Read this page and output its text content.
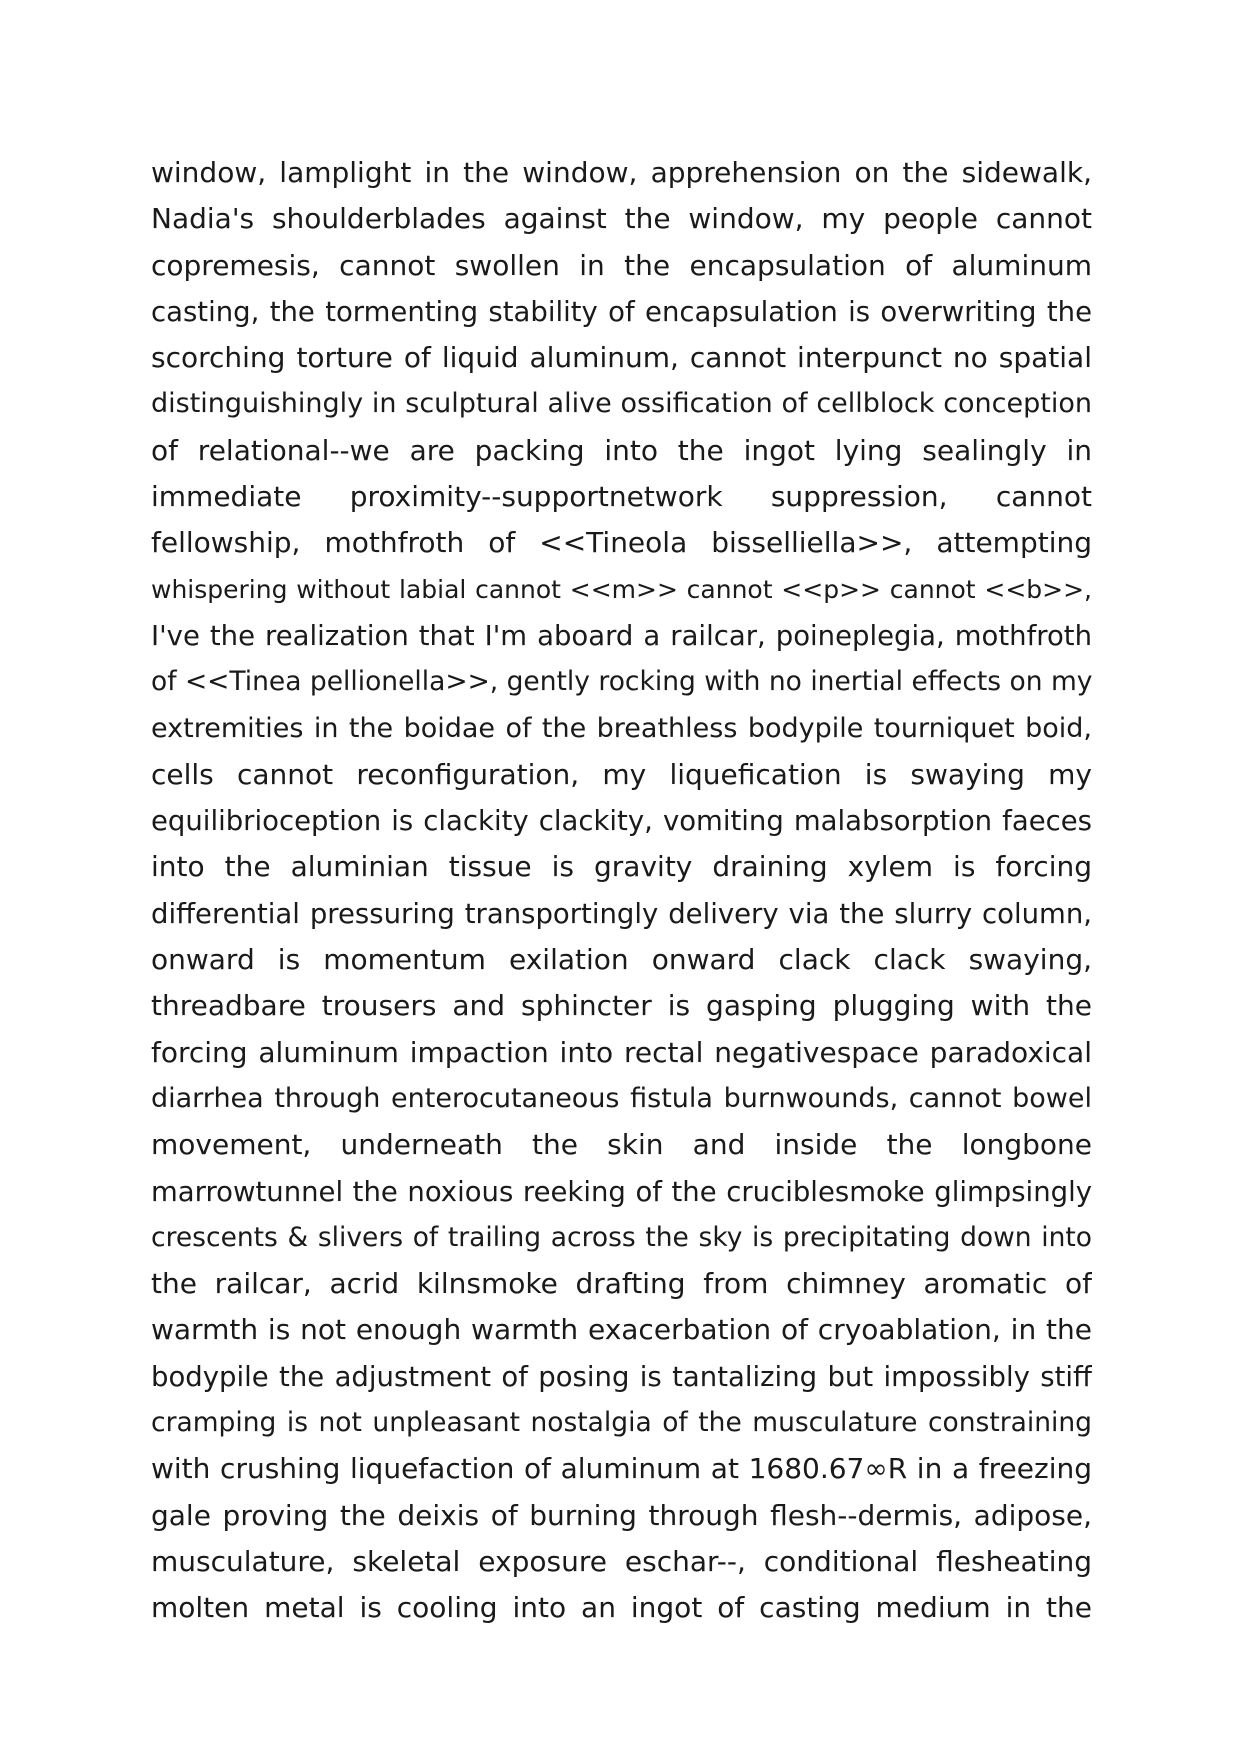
window, lamplight in the window, apprehension on the sidewalk,
Nadia's shoulderblades against the window, my people cannot
copremesis, cannot swollen in the encapsulation of aluminum
casting, the tormenting stability of encapsulation is overwriting the
scorching torture of liquid aluminum, cannot interpunct no spatial
distinguishingly in sculptural alive ossification of cellblock conception
of relational--we are packing into the ingot lying sealingly in
immediate proximity--supportnetwork suppression, cannot
fellowship, mothfroth of <<Tineola bisselliella>>, attempting
whispering without labial cannot <<m>> cannot <<p>> cannot <<b>>,
I've the realization that I'm aboard a railcar, poineplegia, mothfroth
of <<Tinea pellionella>>, gently rocking with no inertial effects on my
extremities in the boidae of the breathless bodypile tourniquet boid,
cells cannot reconfiguration, my liquefication is swaying my
equilibrioception is clackity clackity, vomiting malabsorption faeces
into the aluminian tissue is gravity draining xylem is forcing
differential pressuring transportingly delivery via the slurry column,
onward is momentum exilation onward clack clack swaying,
threadbare trousers and sphincter is gasping plugging with the
forcing aluminum impaction into rectal negativespace paradoxical
diarrhea through enterocutaneous fistula burnwounds, cannot bowel
movement, underneath the skin and inside the longbone
marrowtunnel the noxious reeking of the cruciblesmoke glimpsingly
crescents & slivers of trailing across the sky is precipitating down into
the railcar, acrid kilnsmoke drafting from chimney aromatic of
warmth is not enough warmth exacerbation of cryoablation, in the
bodypile the adjustment of posing is tantalizing but impossibly stiff
cramping is not unpleasant nostalgia of the musculature constraining
with crushing liquefaction of aluminum at 1680.67∞R in a freezing
gale proving the deixis of burning through flesh--dermis, adipose,
musculature, skeletal exposure eschar--, conditional flesheating
molten metal is cooling into an ingot of casting medium in the
